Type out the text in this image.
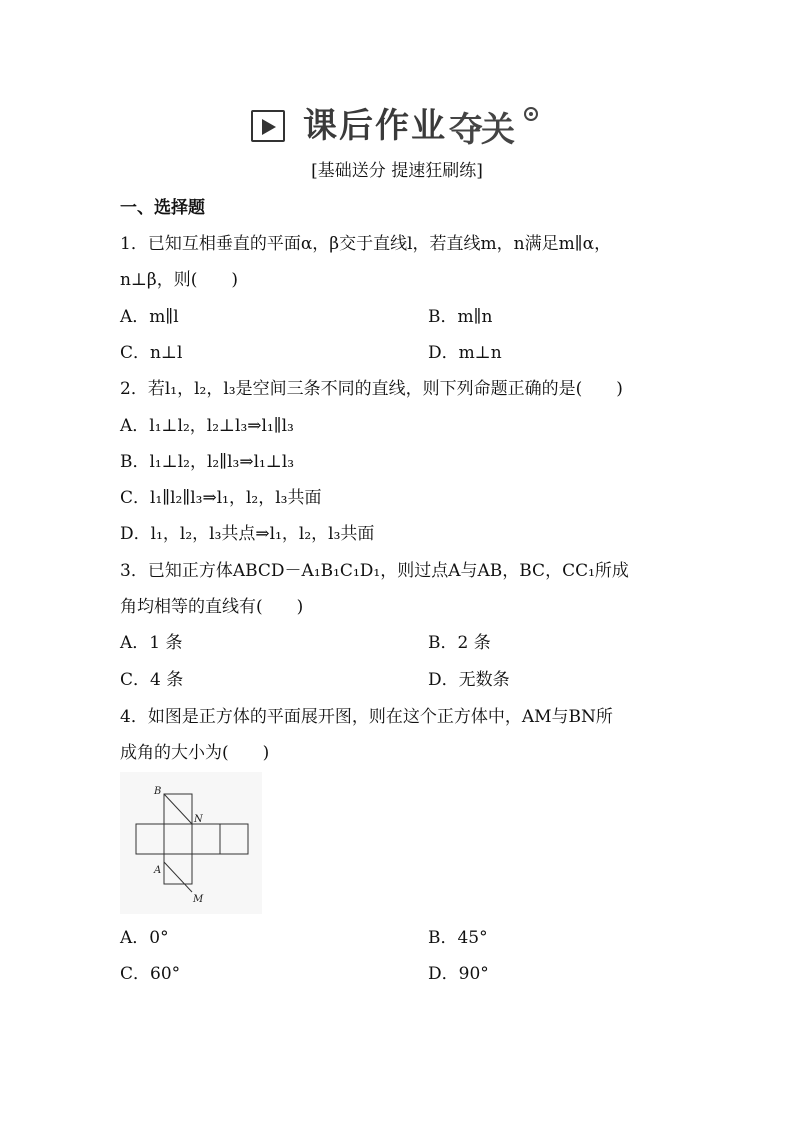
课后作业 夺关
[基础送分 提速狂刷练]
一、选择题
1．已知互相垂直的平面α，β交于直线l，若直线m，n满足m∥α，
n⊥β，则(　　)
A．m∥l	B．m∥n
C．n⊥l	D．m⊥n
2．若l₁，l₂，l₃是空间三条不同的直线，则下列命题正确的是(　　)
A．l₁⊥l₂，l₂⊥l₃⇒l₁∥l₃
B．l₁⊥l₂，l₂∥l₃⇒l₁⊥l₃
C．l₁∥l₂∥l₃⇒l₁，l₂，l₃共面
D．l₁，l₂，l₃共点⇒l₁，l₂，l₃共面
3．已知正方体ABCD－A₁B₁C₁D₁，则过点A与AB，BC，CC₁所成
角均相等的直线有(　　)
A．1 条	B．2 条
C．4 条	D．无数条
4．如图是正方体的平面展开图，则在这个正方体中，AM与BN所
成角的大小为(　　)
B
N
A
M
A．0°	B．45°
C．60°	D．90°
